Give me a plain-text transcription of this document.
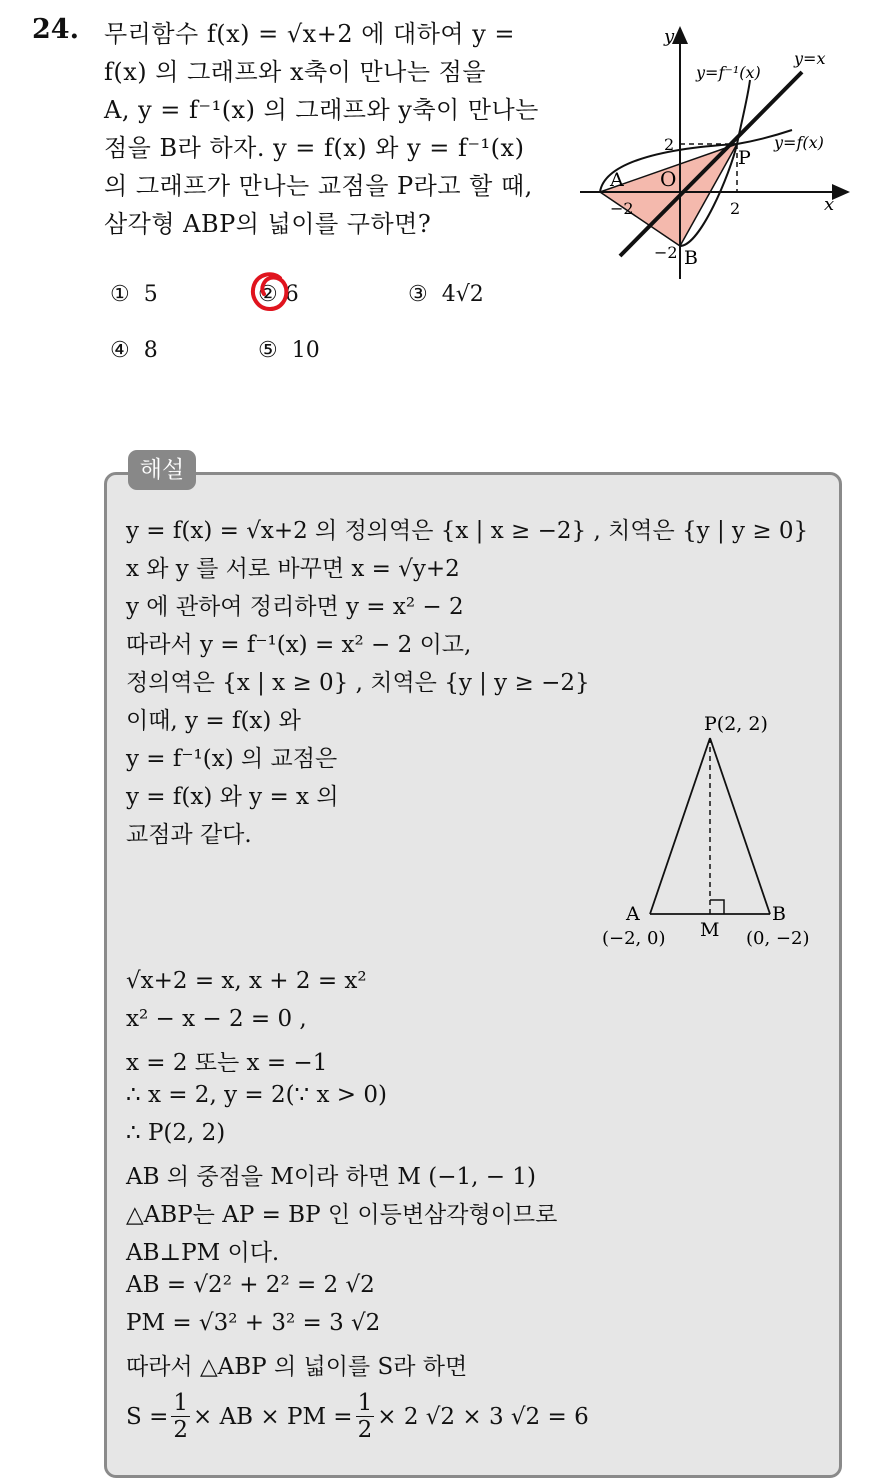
24. 무리함수 f(x) = √x+2 에 대하여 y =
f(x) 의 그래프와 x축이 만나는 점을
A, y = f⁻¹(x) 의 그래프와 y축이 만나는
점을 B라 하자. y = f(x) 와 y = f⁻¹(x)
의 그래프가 만나는 교점을 P라고 할 때,
삼각형 ABP의 넓이를 구하면?
① 5	② 6	③ 4√2
④ 8	⑤ 10
y
x
O
−2	2
2
−2
A
B
P
y=f⁻¹(x)
y=x
y=f(x)
해설
y = f(x) = √x+2 의 정의역은 {x | x ≥ −2} , 치역은 {y | y ≥ 0}
x 와 y 를 서로 바꾸면 x = √y+2
y 에 관하여 정리하면 y = x² − 2
따라서 y = f⁻¹(x) = x² − 2 이고,
정의역은 {x | x ≥ 0} , 치역은 {y | y ≥ −2}
이때, y = f(x) 와
y = f⁻¹(x) 의 교점은
y = f(x) 와 y = x 의
교점과 같다.
P(2, 2)
A
(−2, 0)
B
(0, −2)
M
√x+2 = x, x + 2 = x²
x² − x − 2 = 0 ,
x = 2 또는 x = −1
∴ x = 2, y = 2(∵ x > 0)
∴ P(2, 2)
AB 의 중점을 M이라 하면 M (−1, − 1)
△ABP는 AP = BP 인 이등변삼각형이므로
AB⊥PM 이다.
AB = √2² + 2² = 2 √2
PM = √3² + 3² = 3 √2
따라서 △ABP 의 넓이를 S라 하면
$S = \frac{1}{2}$ × AB × PM = $\frac{1}{2} \times 2$ √2 × 3 √2 = 6
